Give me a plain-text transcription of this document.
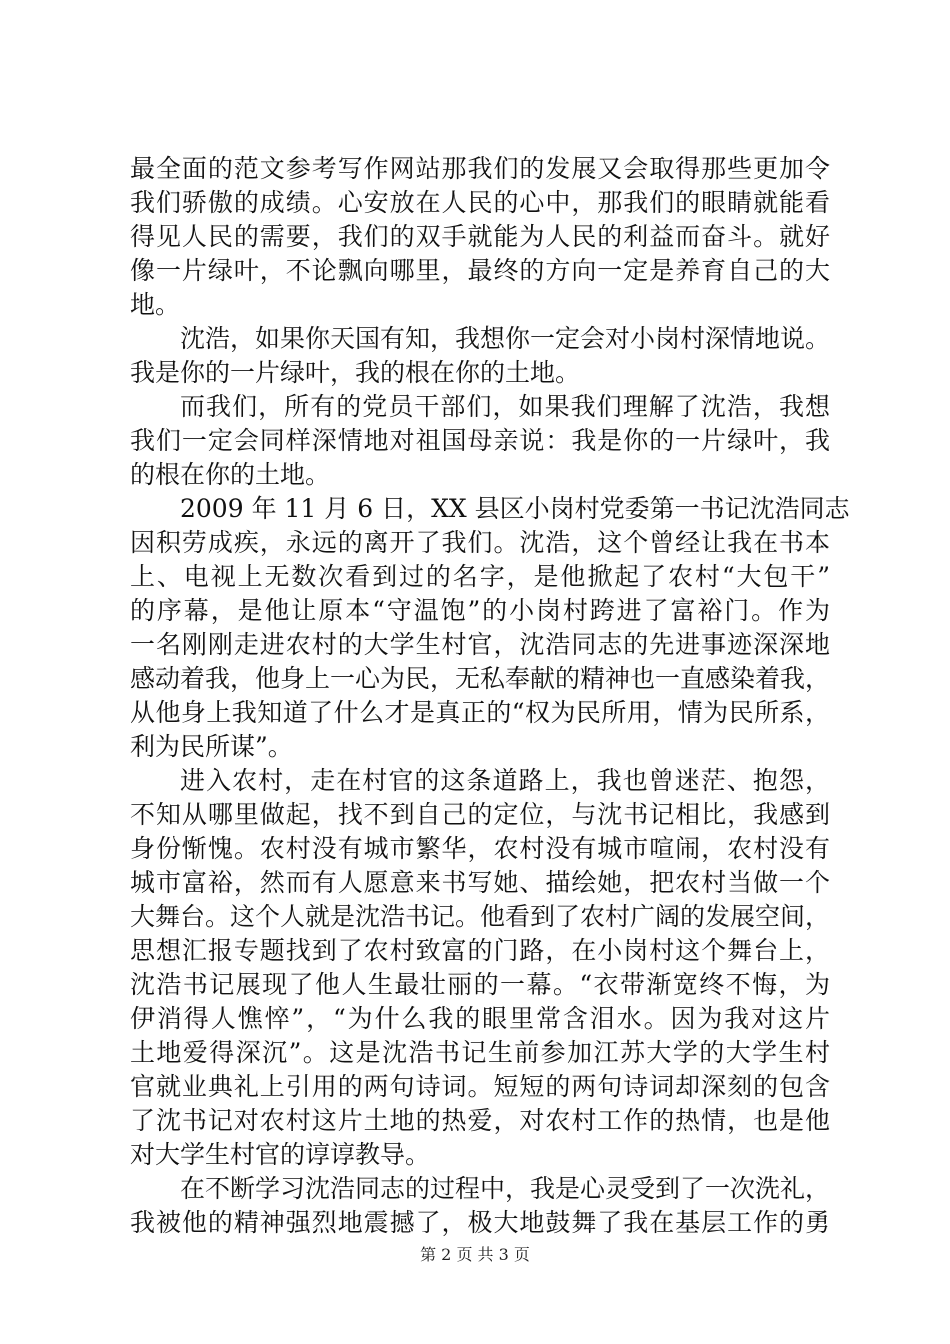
最全面的范文参考写作网站那我们的发展又会取得那些更加令
我们骄傲的成绩。心安放在人民的心中，那我们的眼睛就能看
得见人民的需要，我们的双手就能为人民的利益而奋斗。就好
像一片绿叶，不论飘向哪里，最终的方向一定是养育自己的大
地。
沈浩，如果你天国有知，我想你一定会对小岗村深情地说。
我是你的一片绿叶，我的根在你的土地。
而我们，所有的党员干部们，如果我们理解了沈浩，我想
我们一定会同样深情地对祖国母亲说：我是你的一片绿叶，我
的根在你的土地。
2009 年 11 月 6 日，XX 县区小岗村党委第一书记沈浩同志
因积劳成疾，永远的离开了我们。沈浩，这个曾经让我在书本
上、电视上无数次看到过的名字，是他掀起了农村“大包干”
的序幕，是他让原本“守温饱”的小岗村跨进了富裕门。作为
一名刚刚走进农村的大学生村官，沈浩同志的先进事迹深深地
感动着我，他身上一心为民，无私奉献的精神也一直感染着我，
从他身上我知道了什么才是真正的“权为民所用，情为民所系，
利为民所谋”。
进入农村，走在村官的这条道路上，我也曾迷茫、抱怨，
不知从哪里做起，找不到自己的定位，与沈书记相比，我感到
身份惭愧。农村没有城市繁华，农村没有城市喧闹，农村没有
城市富裕，然而有人愿意来书写她、描绘她，把农村当做一个
大舞台。这个人就是沈浩书记。他看到了农村广阔的发展空间，
思想汇报专题找到了农村致富的门路，在小岗村这个舞台上，
沈浩书记展现了他人生最壮丽的一幕。“衣带渐宽终不悔，为
伊消得人憔悴”，“为什么我的眼里常含泪水。因为我对这片
土地爱得深沉”。这是沈浩书记生前参加江苏大学的大学生村
官就业典礼上引用的两句诗词。短短的两句诗词却深刻的包含
了沈书记对农村这片土地的热爱，对农村工作的热情，也是他
对大学生村官的谆谆教导。
在不断学习沈浩同志的过程中，我是心灵受到了一次洗礼，
我被他的精神强烈地震撼了，极大地鼓舞了我在基层工作的勇
第 2 页 共 3 页
